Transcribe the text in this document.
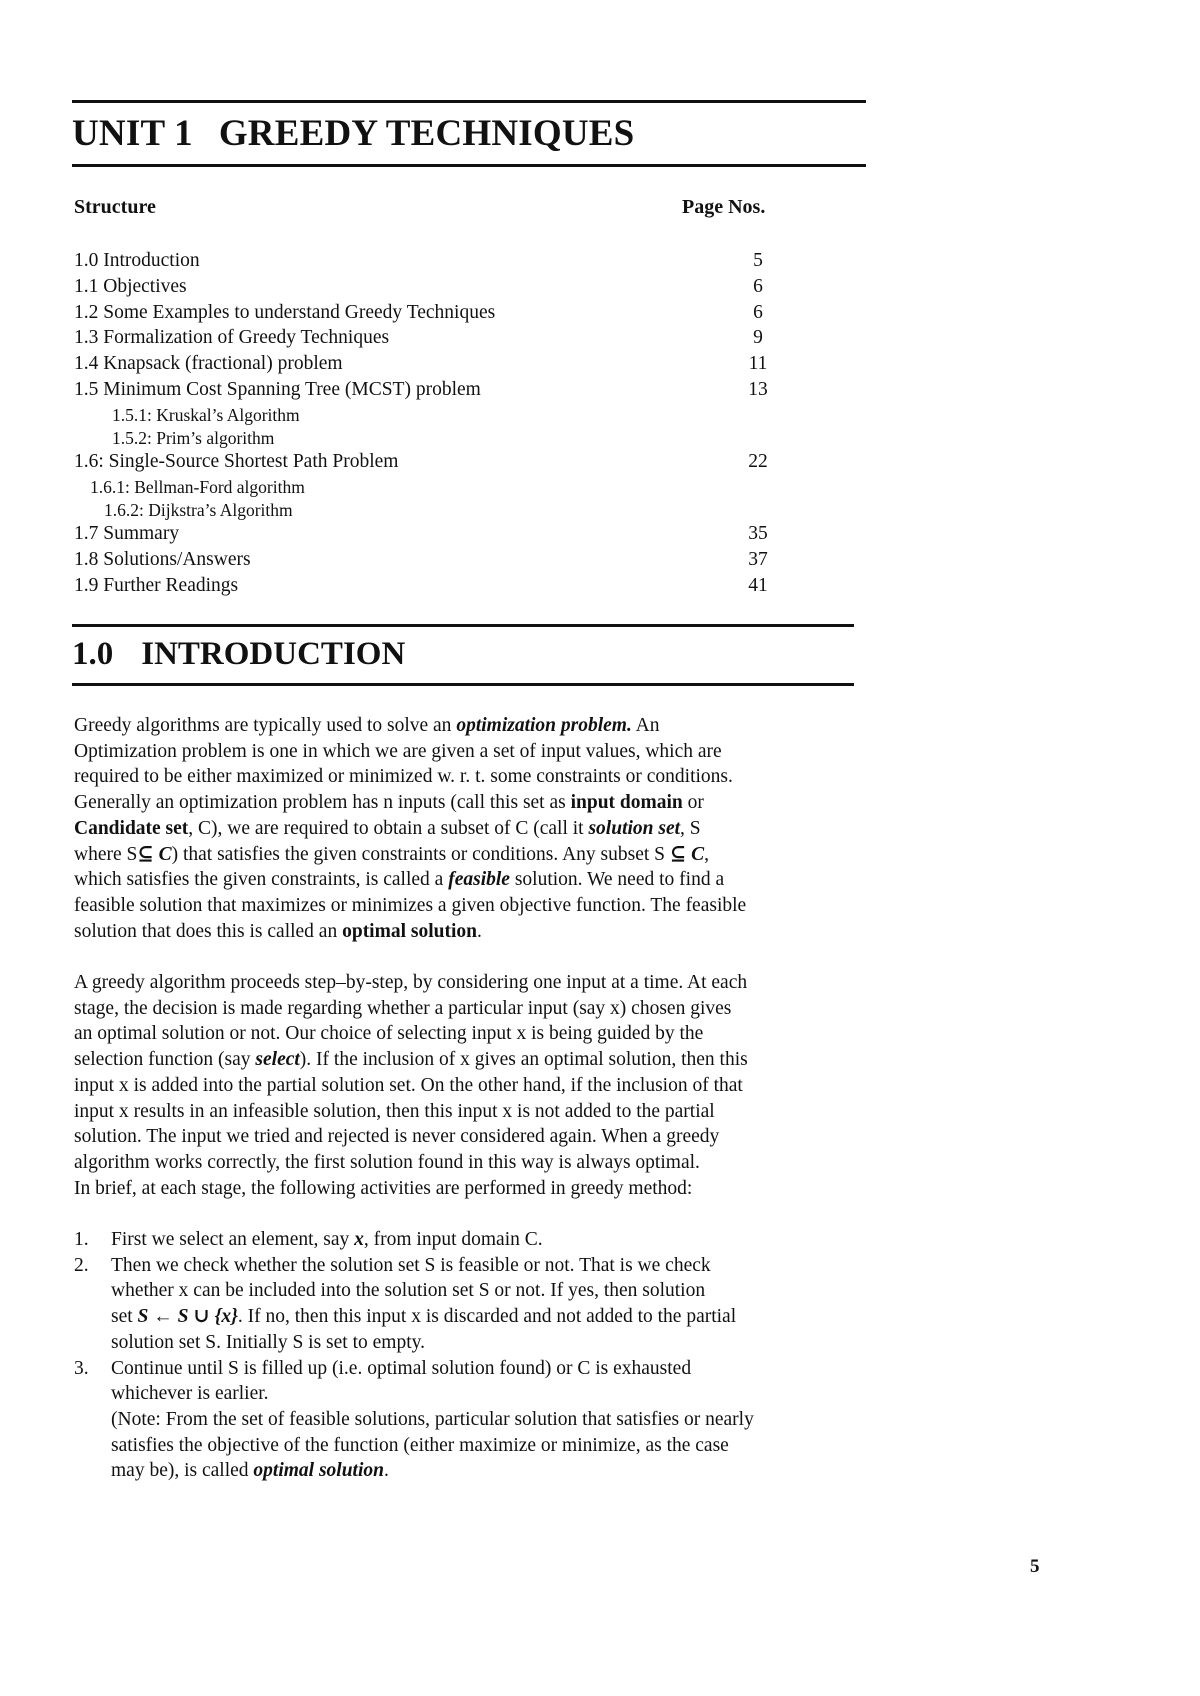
UNIT 1 GREEDY TECHNIQUES
Structure	Page Nos.
1.0 Introduction	5
1.1 Objectives	6
1.2 Some Examples to understand Greedy Techniques	6
1.3 Formalization of Greedy Techniques	9
1.4 Knapsack (fractional) problem	11
1.5 Minimum Cost Spanning Tree (MCST) problem	13
1.5.1: Kruskal’s Algorithm
1.5.2: Prim’s algorithm
1.6: Single-Source Shortest Path Problem	22
1.6.1: Bellman-Ford algorithm
1.6.2: Dijkstra’s Algorithm
1.7 Summary	35
1.8 Solutions/Answers	37
1.9 Further Readings	41
1.0 INTRODUCTION
Greedy algorithms are typically used to solve an optimization problem. An
Optimization problem is one in which we are given a set of input values, which are
required to be either maximized or minimized w. r. t. some constraints or conditions.
Generally an optimization problem has n inputs (call this set as input domain or
Candidate set, C), we are required to obtain a subset of C (call it solution set, S
where S⊆ C) that satisfies the given constraints or conditions. Any subset S ⊆ C,
which satisfies the given constraints, is called a feasible solution. We need to find a
feasible solution that maximizes or minimizes a given objective function. The feasible
solution that does this is called an optimal solution.
A greedy algorithm proceeds step–by-step, by considering one input at a time. At each
stage, the decision is made regarding whether a particular input (say x) chosen gives
an optimal solution or not. Our choice of selecting input x is being guided by the
selection function (say select). If the inclusion of x gives an optimal solution, then this
input x is added into the partial solution set. On the other hand, if the inclusion of that
input x results in an infeasible solution, then this input x is not added to the partial
solution. The input we tried and rejected is never considered again. When a greedy
algorithm works correctly, the first solution found in this way is always optimal.
In brief, at each stage, the following activities are performed in greedy method:
1. First we select an element, say x, from input domain C.
2. Then we check whether the solution set S is feasible or not. That is we check
whether x can be included into the solution set S or not. If yes, then solution
set S ← S ∪ {x}. If no, then this input x is discarded and not added to the partial
solution set S. Initially S is set to empty.
3. Continue until S is filled up (i.e. optimal solution found) or C is exhausted
whichever is earlier.
(Note: From the set of feasible solutions, particular solution that satisfies or nearly
satisfies the objective of the function (either maximize or minimize, as the case
may be), is called optimal solution.
5
